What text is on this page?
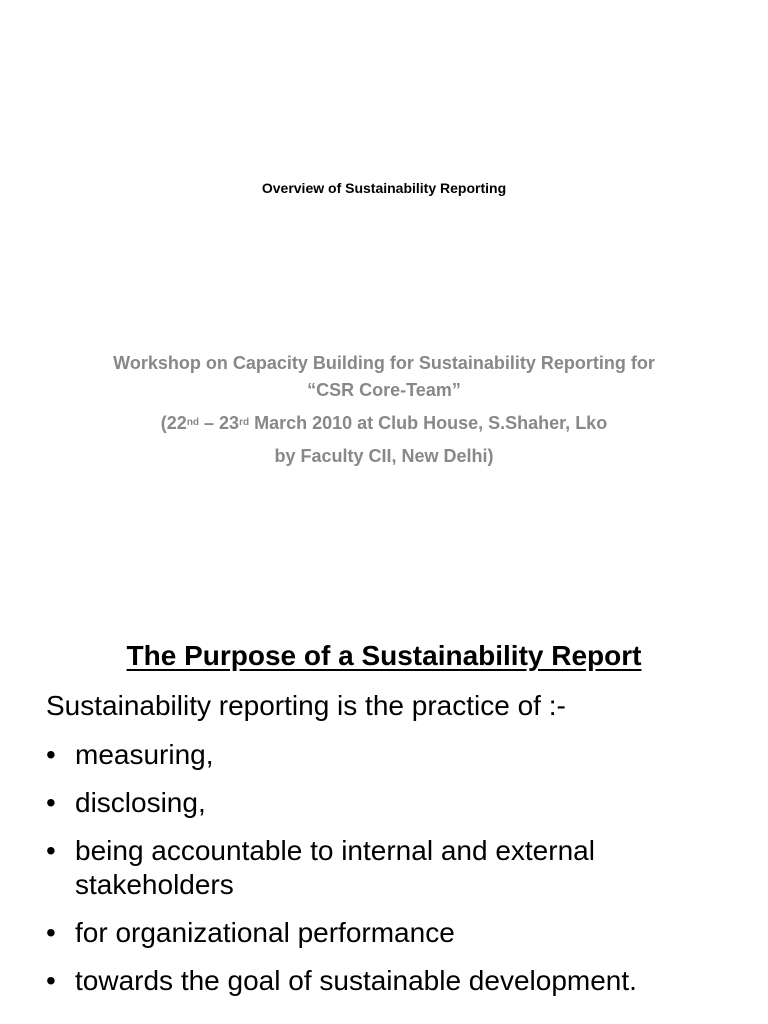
Overview of Sustainability Reporting
Workshop on Capacity Building for Sustainability Reporting for
“CSR Core-Team”
(22nd – 23rd March 2010 at Club House, S.Shaher, Lko
by Faculty CII, New Delhi)
The Purpose of a Sustainability Report
Sustainability reporting is the practice of :-
• measuring,
• disclosing,
• being accountable to internal and external stakeholders
• for organizational performance
• towards the goal of sustainable development.
